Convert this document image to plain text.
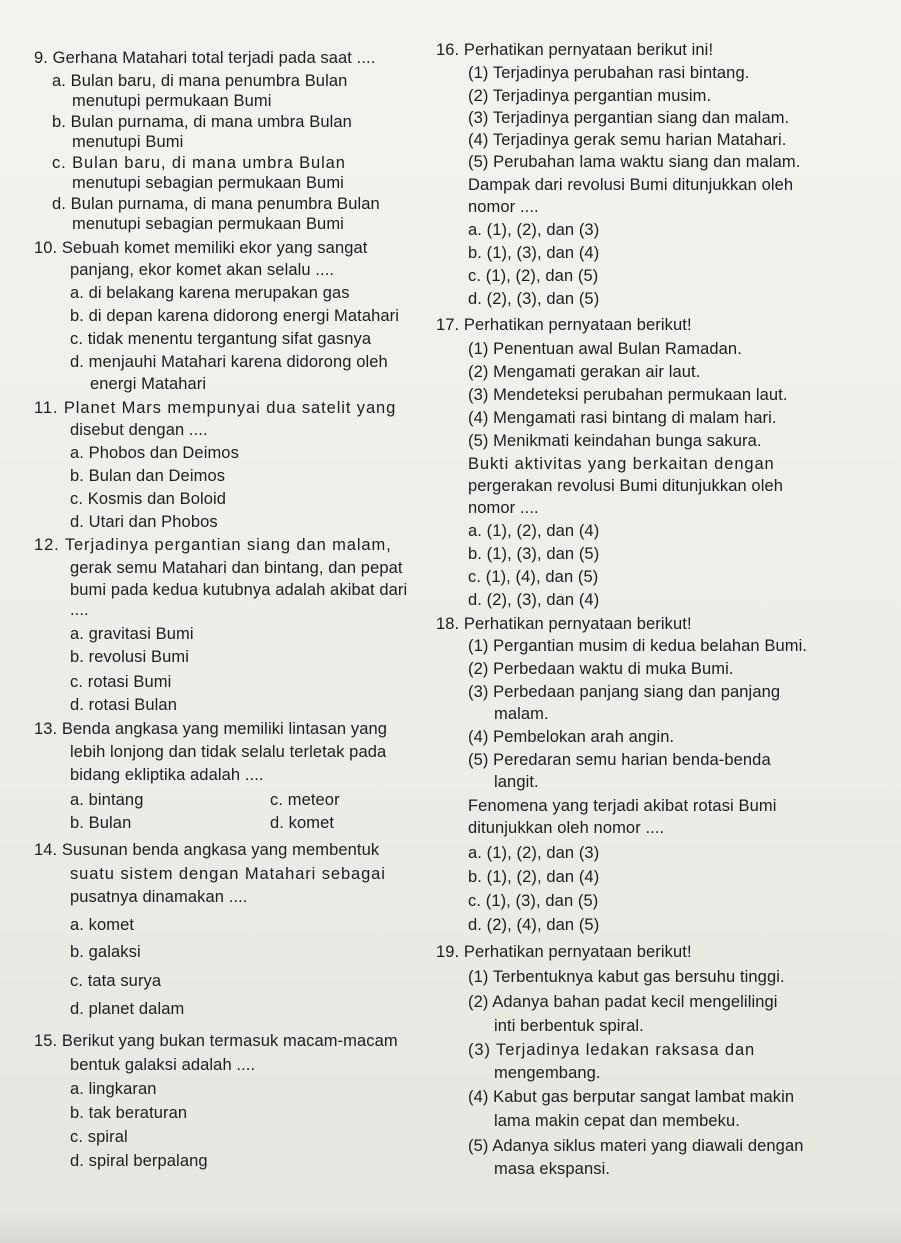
9. Gerhana Matahari total terjadi pada saat ....
a. Bulan baru, di mana penumbra Bulan
menutupi permukaan Bumi
b. Bulan purnama, di mana umbra Bulan
menutupi Bumi
c. Bulan baru, di mana umbra Bulan
menutupi sebagian permukaan Bumi
d. Bulan purnama, di mana penumbra Bulan
menutupi sebagian permukaan Bumi
10. Sebuah komet memiliki ekor yang sangat
panjang, ekor komet akan selalu ....
a. di belakang karena merupakan gas
b. di depan karena didorong energi Matahari
c. tidak menentu tergantung sifat gasnya
d. menjauhi Matahari karena didorong oleh
energi Matahari
11. Planet Mars mempunyai dua satelit yang
disebut dengan ....
a. Phobos dan Deimos
b. Bulan dan Deimos
c. Kosmis dan Boloid
d. Utari dan Phobos
12. Terjadinya pergantian siang dan malam,
gerak semu Matahari dan bintang, dan pepat
bumi pada kedua kutubnya adalah akibat dari
....
a. gravitasi Bumi
b. revolusi Bumi
c. rotasi Bumi
d. rotasi Bulan
13. Benda angkasa yang memiliki lintasan yang
lebih lonjong dan tidak selalu terletak pada
bidang ekliptika adalah ....
a. bintang	c. meteor
b. Bulan	d. komet
14. Susunan benda angkasa yang membentuk
suatu sistem dengan Matahari sebagai
pusatnya dinamakan ....
a. komet
b. galaksi
c. tata surya
d. planet dalam
15. Berikut yang bukan termasuk macam-macam
bentuk galaksi adalah ....
a. lingkaran
b. tak beraturan
c. spiral
d. spiral berpalang
16. Perhatikan pernyataan berikut ini!
(1) Terjadinya perubahan rasi bintang.
(2) Terjadinya pergantian musim.
(3) Terjadinya pergantian siang dan malam.
(4) Terjadinya gerak semu harian Matahari.
(5) Perubahan lama waktu siang dan malam.
Dampak dari revolusi Bumi ditunjukkan oleh
nomor ....
a. (1), (2), dan (3)
b. (1), (3), dan (4)
c. (1), (2), dan (5)
d. (2), (3), dan (5)
17. Perhatikan pernyataan berikut!
(1) Penentuan awal Bulan Ramadan.
(2) Mengamati gerakan air laut.
(3) Mendeteksi perubahan permukaan laut.
(4) Mengamati rasi bintang di malam hari.
(5) Menikmati keindahan bunga sakura.
Bukti aktivitas yang berkaitan dengan
pergerakan revolusi Bumi ditunjukkan oleh
nomor ....
a. (1), (2), dan (4)
b. (1), (3), dan (5)
c. (1), (4), dan (5)
d. (2), (3), dan (4)
18. Perhatikan pernyataan berikut!
(1) Pergantian musim di kedua belahan Bumi.
(2) Perbedaan waktu di muka Bumi.
(3) Perbedaan panjang siang dan panjang
malam.
(4) Pembelokan arah angin.
(5) Peredaran semu harian benda-benda
langit.
Fenomena yang terjadi akibat rotasi Bumi
ditunjukkan oleh nomor ....
a. (1), (2), dan (3)
b. (1), (2), dan (4)
c. (1), (3), dan (5)
d. (2), (4), dan (5)
19. Perhatikan pernyataan berikut!
(1) Terbentuknya kabut gas bersuhu tinggi.
(2) Adanya bahan padat kecil mengelilingi
inti berbentuk spiral.
(3) Terjadinya ledakan raksasa dan
mengembang.
(4) Kabut gas berputar sangat lambat makin
lama makin cepat dan membeku.
(5) Adanya siklus materi yang diawali dengan
masa ekspansi.
